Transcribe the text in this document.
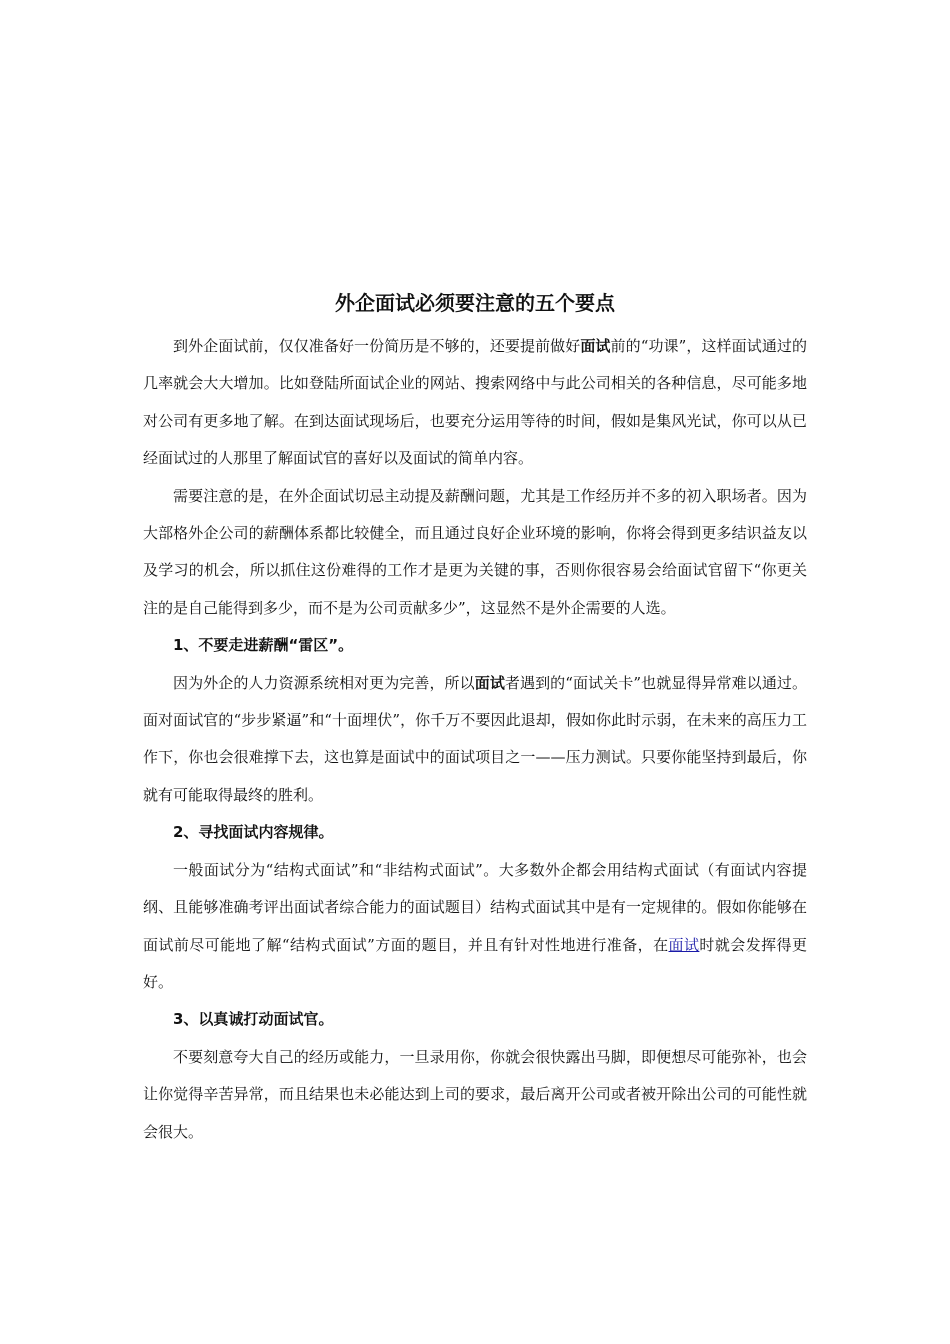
外企面试必须要注意的五个要点

到外企面试前，仅仅准备好一份简历是不够的，还要提前做好面试前的“功课”，这样面试通过的几率就会大大增加。比如登陆所面试企业的网站、搜索网络中与此公司相关的各种信息，尽可能多地对公司有更多地了解。在到达面试现场后，也要充分运用等待的时间，假如是集风光试，你可以从已经面试过的人那里了解面试官的喜好以及面试的简单内容。

需要注意的是，在外企面试切忌主动提及薪酬问题，尤其是工作经历并不多的初入职场者。因为大部格外企公司的薪酬体系都比较健全，而且通过良好企业环境的影响，你将会得到更多结识益友以及学习的机会，所以抓住这份难得的工作才是更为关键的事，否则你很容易会给面试官留下“你更关注的是自己能得到多少，而不是为公司贡献多少”，这显然不是外企需要的人选。

1、不要走进薪酬“雷区”。

因为外企的人力资源系统相对更为完善，所以面试者遇到的“面试关卡”也就显得异常难以通过。面对面试官的“步步紧逼”和“十面埋伏”，你千万不要因此退却，假如你此时示弱，在未来的高压力工作下，你也会很难撑下去，这也算是面试中的面试项目之一——压力测试。只要你能坚持到最后，你就有可能取得最终的胜利。

2、寻找面试内容规律。

一般面试分为“结构式面试”和“非结构式面试”。大多数外企都会用结构式面试（有面试内容提纲、且能够准确考评出面试者综合能力的面试题目）结构式面试其中是有一定规律的。假如你能够在面试前尽可能地了解“结构式面试”方面的题目，并且有针对性地进行准备，在面试时就会发挥得更好。

3、以真诚打动面试官。

不要刻意夸大自己的经历或能力，一旦录用你，你就会很快露出马脚，即便想尽可能弥补，也会让你觉得辛苦异常，而且结果也未必能达到上司的要求，最后离开公司或者被开除出公司的可能性就会很大。
